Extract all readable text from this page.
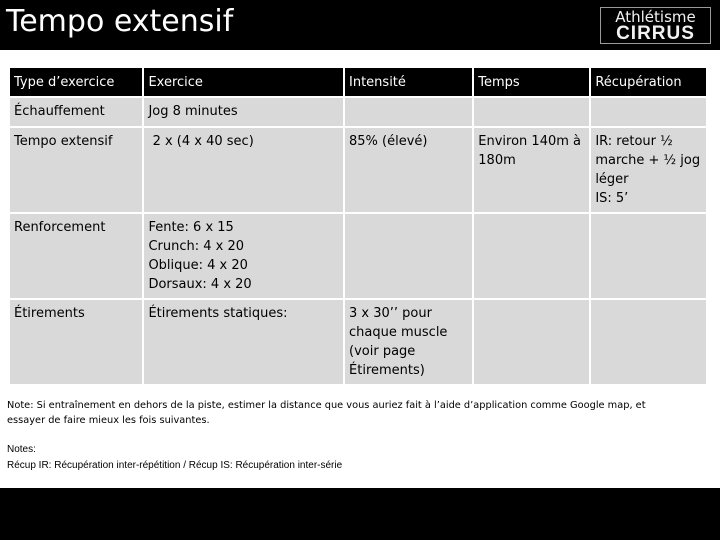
Tempo extensif	Athlétisme
CIRRUS
Type d’exercice	Exercice	Intensité	Temps	Récupération
Échauffement	Jog 8 minutes			
Tempo extensif	2 x (4 x 40 sec)	85% (élevé)	Environ 140m à 180m	IR: retour ½ marche + ½ jog léger
IS: 5’
Renforcement	Fente: 6 x 15
Crunch: 4 x 20
Oblique: 4 x 20
Dorsaux: 4 x 20			
Étirements	Étirements statiques:	3 x 30’’ pour chaque muscle (voir page Étirements)		
Note: Si entraînement en dehors de la piste, estimer la distance que vous auriez fait à l’aide d’application comme Google map, et essayer de faire mieux les fois suivantes.
Notes:
Récup IR: Récupération inter-répétition / Récup IS: Récupération inter-série
